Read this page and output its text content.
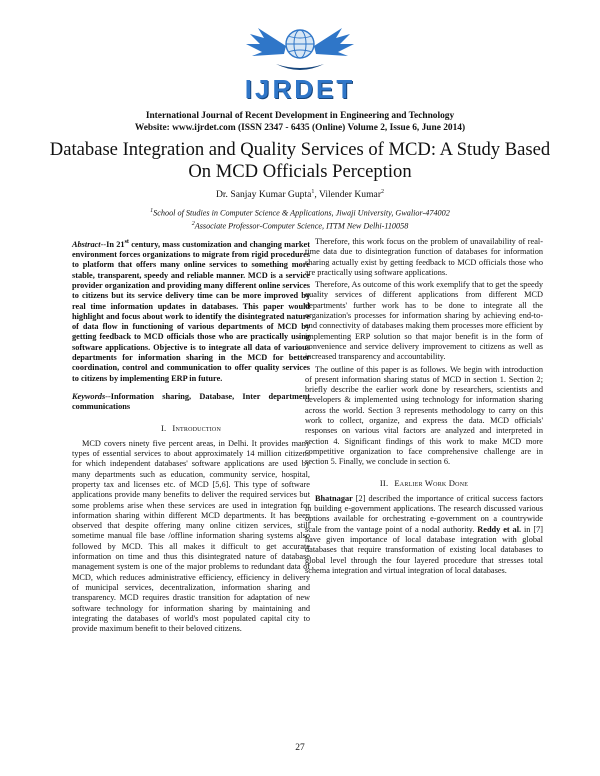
IJRDET
International Journal of Recent Development in Engineering and Technology
Website: www.ijrdet.com (ISSN 2347 - 6435 (Online) Volume 2, Issue 6, June 2014)
Database Integration and Quality Services of MCD: A Study Based On MCD Officials Perception
Dr. Sanjay Kumar Gupta$^1$, Vilender Kumar$^2$
$^1$School of Studies in Computer Science & Applications, Jiwaji University, Gwalior-474002
$^2$Associate Professor-Computer Science, ITTM New Delhi-110058

Abstract--In 21st century, mass customization and changing market environment forces organizations to migrate from rigid procedures to platform that offers many online services to something more stable, transparent, speedy and reliable manner. MCD is a service provider organization and providing many different online services to citizens but its service delivery time can be more improved by real time information updates in databases. This paper would highlight and focus about work to identify the disintegrated nature of data flow in functioning of various departments of MCD by getting feedback to MCD officials those who are practically using software applications. Objective is to integrate all data of various departments for information sharing in the MCD for better coordination, control and communication to offer quality services to citizens by implementing ERP in future.

Keywords--Information sharing, Database, Inter department communications

I. Introduction

MCD covers ninety five percent areas, in Delhi. It provides many types of essential services to about approximately 14 million citizens for which independent databases' software applications are used by many departments such as education, community service, hospital, property tax and licenses etc. of MCD [5,6]. This type of software applications provide many benefits to deliver the required services but some problems arise when these services are used in integration for information sharing within different MCD departments. It has been observed that despite offering many online citizen services, still sometime manual file base /offline information sharing systems also followed by MCD. This all makes it difficult to get accurate information on time and thus this disintegrated nature of database management system is one of the major problems to redundant data of MCD, which reduces administrative efficiency, efficiency in delivery of municipal services, decentralization, information sharing and transparency. MCD requires drastic transition for adaptation of new software technology for information sharing by maintaining and integrating the databases of world's most populated capital city to provide maximum benefit to their beloved citizens.

Therefore, this work focus on the problem of unavailability of real-time data due to disintegration function of databases for information sharing actually exist by getting feedback to MCD officials those who are practically using software applications.

Therefore, As outcome of this work exemplify that to get the speedy quality services of different applications from different MCD departments' further work has to be done to integrate all the organization's processes for information sharing by achieving end-to-end connectivity of databases making them processes more efficient by implementing ERP solution so that major benefit is in the form of convenience and service delivery improvement to citizens as well as increased transparency and accountability.

The outline of this paper is as follows. We begin with introduction of present information sharing status of MCD in section 1. Section 2; briefly describe the earlier work done by researchers, scientists and developers & implemented using technology for information sharing across the world. Section 3 represents methodology to carry on this work to collect, organize, and express the data. MCD officials' responses on various vital factors are analyzed and interpreted in section 4. Significant findings of this work to make MCD more competitive organization to face comprehensive challenge are in section 5. Finally, we conclude in section 6.

II. Earlier Work Done

Bhatnagar [2] described the importance of critical success factors in building e-government applications. The research discussed various options available for orchestrating e-government on a countrywide scale from the vantage point of a nodal authority. Reddy et al. in [7] have given importance of local database integration with global databases that require transformation of existing local databases to global level through the four layered procedure that stresses total schema integration and virtual integration of local databases.

27
